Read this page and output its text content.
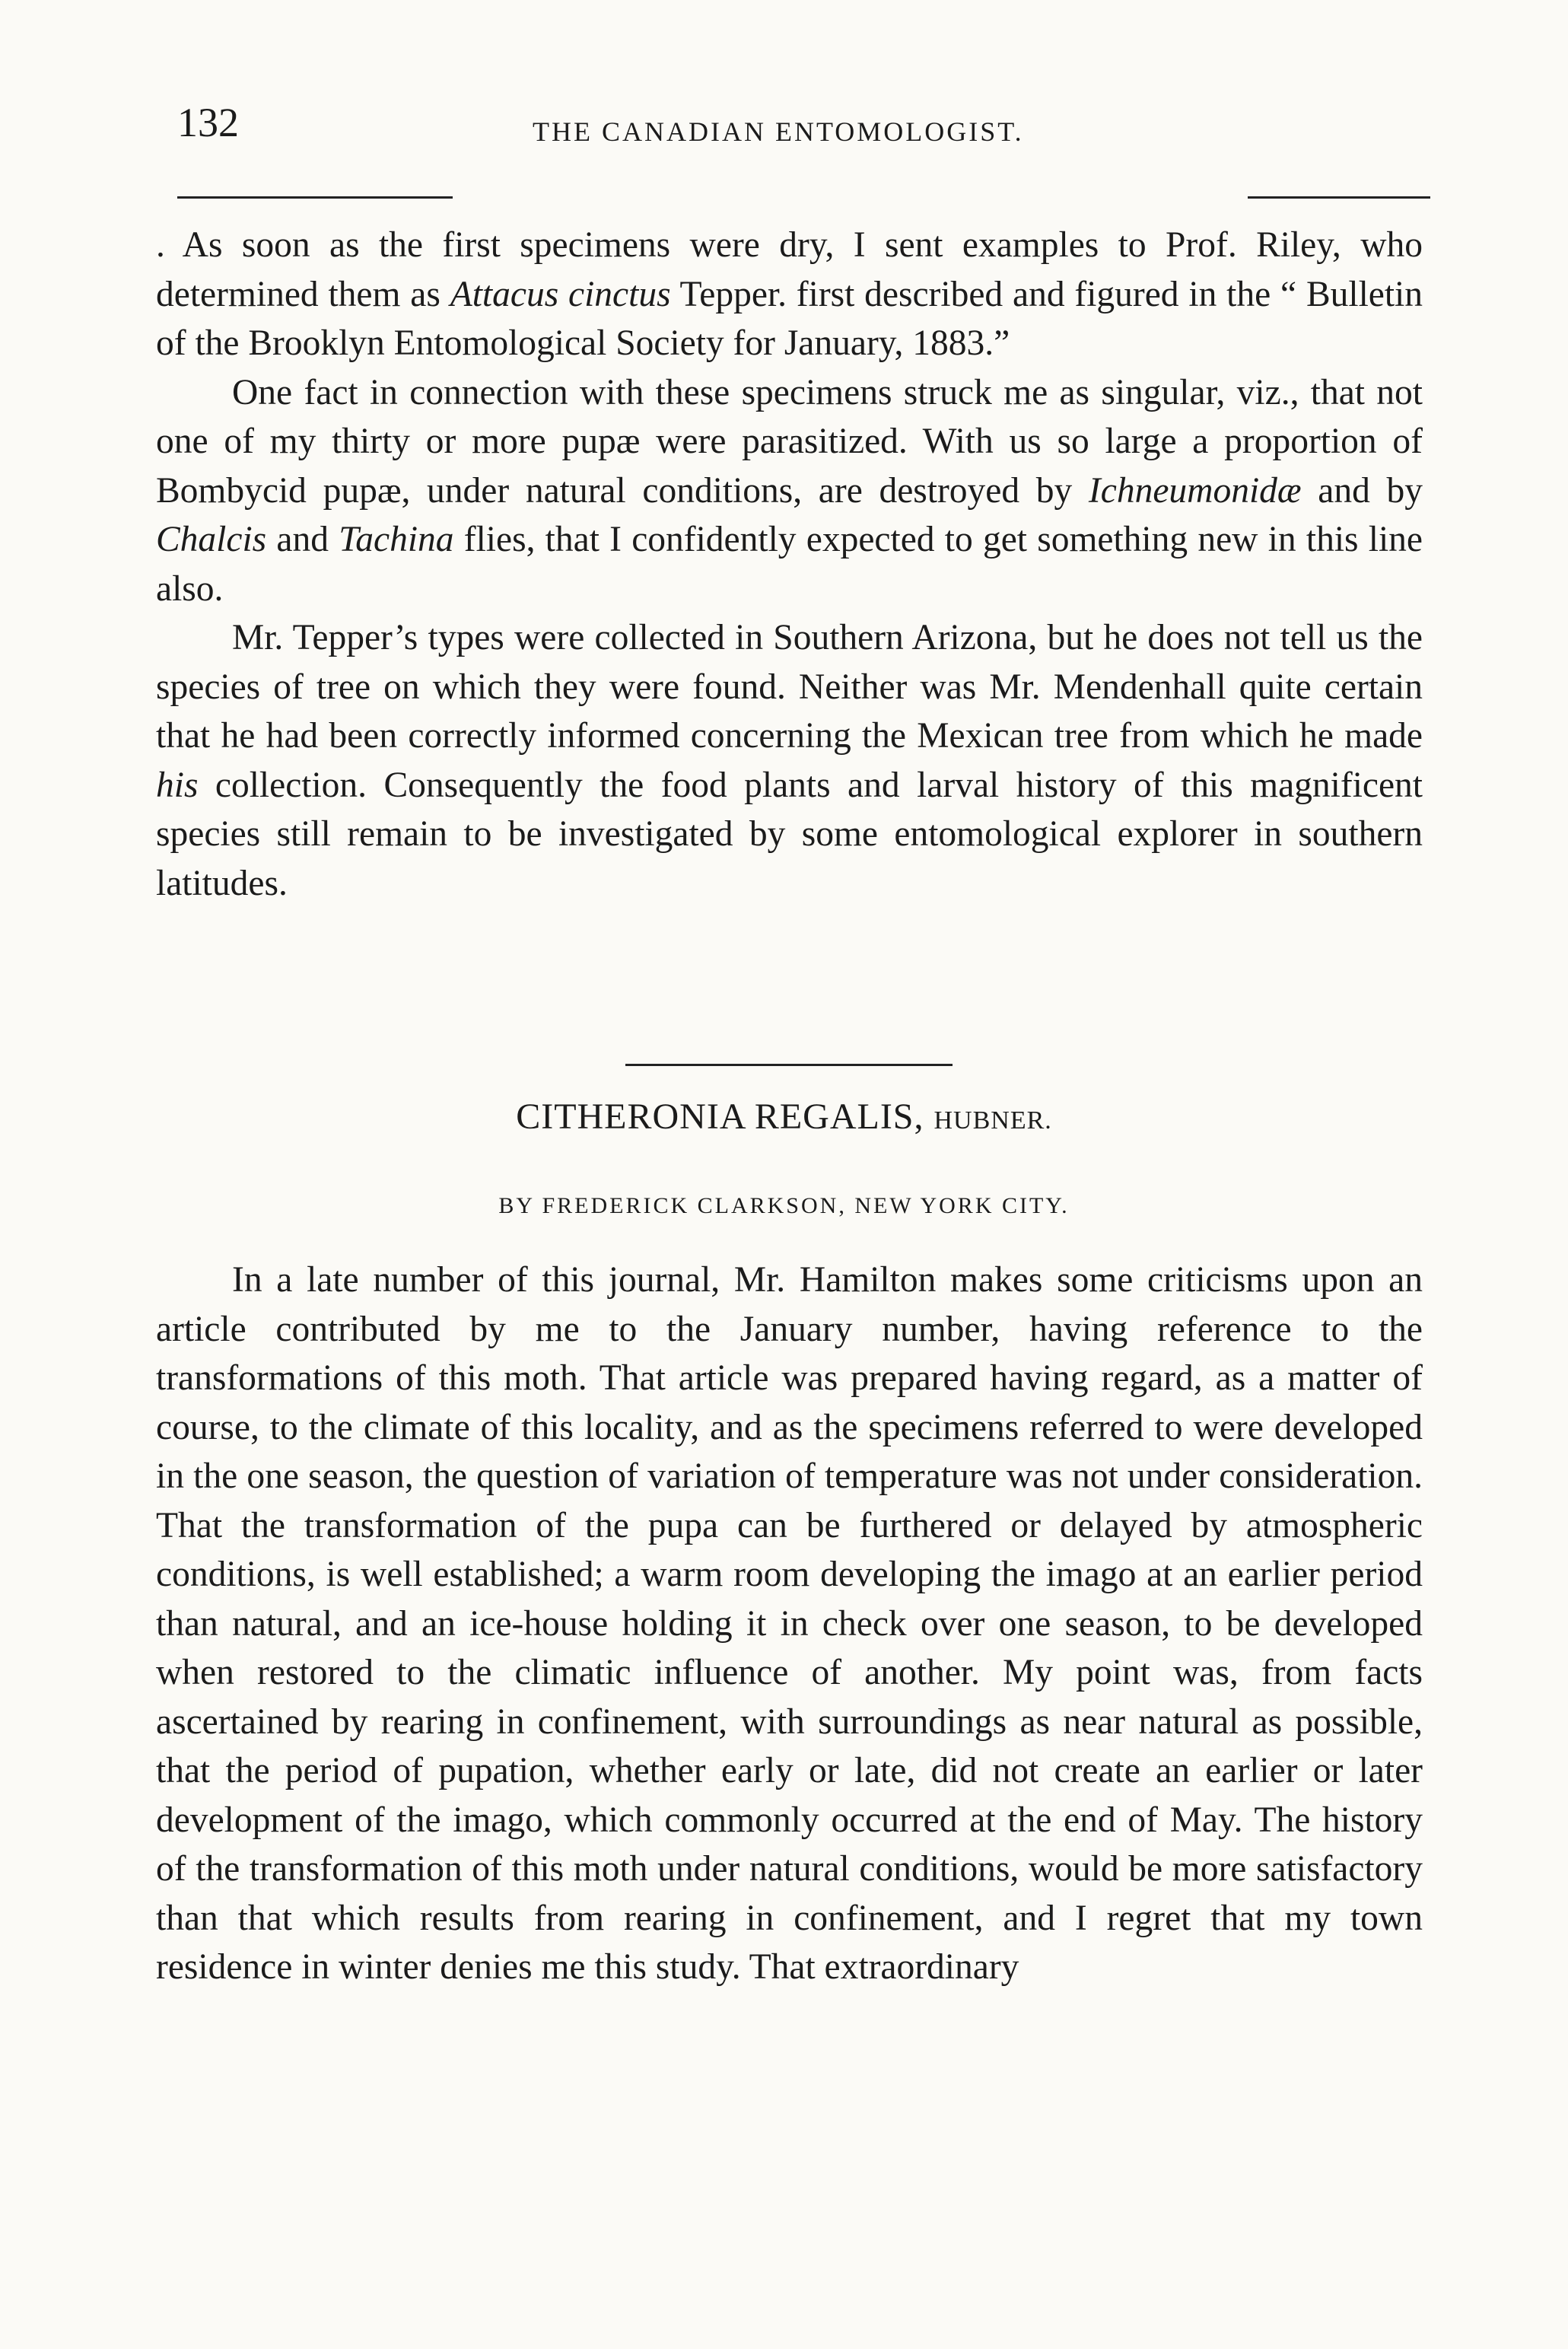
132	THE CANADIAN ENTOMOLOGIST.

. As soon as the first specimens were dry, I sent examples to Prof. Riley, who determined them as Attacus cinctus Tepper. first described and figured in the “ Bulletin of the Brooklyn Entomological Society for January, 1883.”

One fact in connection with these specimens struck me as singular, viz., that not one of my thirty or more pupæ were parasitized. With us so large a proportion of Bombycid pupæ, under natural conditions, are destroyed by Ichneumonidæ and by Chalcis and Tachina flies, that I confidently expected to get something new in this line also.

Mr. Tepper’s types were collected in Southern Arizona, but he does not tell us the species of tree on which they were found. Neither was Mr. Mendenhall quite certain that he had been correctly informed concerning the Mexican tree from which he made his collection. Consequently the food plants and larval history of this magnificent species still remain to be investigated by some entomological explorer in southern latitudes.

CITHERONIA REGALIS, HUBNER.
BY FREDERICK CLARKSON, NEW YORK CITY.

In a late number of this journal, Mr. Hamilton makes some criticisms upon an article contributed by me to the January number, having reference to the transformations of this moth. That article was prepared having regard, as a matter of course, to the climate of this locality, and as the specimens referred to were developed in the one season, the question of variation of temperature was not under consideration. That the transformation of the pupa can be furthered or delayed by atmospheric conditions, is well established; a warm room developing the imago at an earlier period than natural, and an ice-house holding it in check over one season, to be developed when restored to the climatic influence of another. My point was, from facts ascertained by rearing in confinement, with surroundings as near natural as possible, that the period of pupation, whether early or late, did not create an earlier or later development of the imago, which commonly occurred at the end of May. The history of the transformation of this moth under natural conditions, would be more satisfactory than that which results from rearing in confinement, and I regret that my town residence in winter denies me this study. That extraordinary
